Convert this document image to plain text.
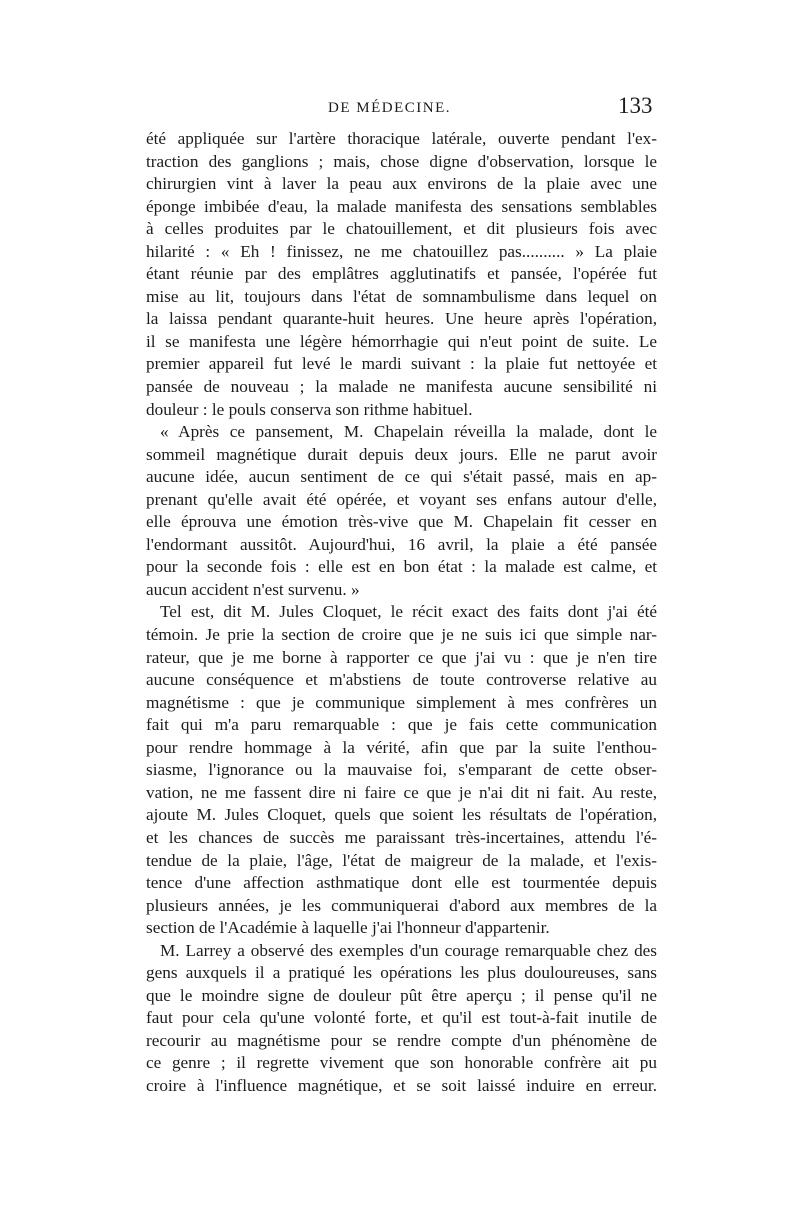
DE MÉDECINE.	133
été appliquée sur l'artère thoracique latérale, ouverte pendant l'ex-
traction des ganglions ; mais, chose digne d'observation, lorsque le
chirurgien vint à laver la peau aux environs de la plaie avec une
éponge imbibée d'eau, la malade manifesta des sensations semblables
à celles produites par le chatouillement, et dit plusieurs fois avec
hilarité : « Eh ! finissez, ne me chatouillez pas.......... » La plaie
étant réunie par des emplâtres agglutinatifs et pansée, l'opérée fut
mise au lit, toujours dans l'état de somnambulisme dans lequel on
la laissa pendant quarante-huit heures. Une heure après l'opération,
il se manifesta une légère hémorrhagie qui n'eut point de suite. Le
premier appareil fut levé le mardi suivant : la plaie fut nettoyée et
pansée de nouveau ; la malade ne manifesta aucune sensibilité ni
douleur : le pouls conserva son rithme habituel.
« Après ce pansement, M. Chapelain réveilla la malade, dont le
sommeil magnétique durait depuis deux jours. Elle ne parut avoir
aucune idée, aucun sentiment de ce qui s'était passé, mais en ap-
prenant qu'elle avait été opérée, et voyant ses enfans autour d'elle,
elle éprouva une émotion très-vive que M. Chapelain fit cesser en
l'endormant aussitôt. Aujourd'hui, 16 avril, la plaie a été pansée
pour la seconde fois : elle est en bon état : la malade est calme, et
aucun accident n'est survenu. »
Tel est, dit M. Jules Cloquet, le récit exact des faits dont j'ai été
témoin. Je prie la section de croire que je ne suis ici que simple nar-
rateur, que je me borne à rapporter ce que j'ai vu : que je n'en tire
aucune conséquence et m'abstiens de toute controverse relative au
magnétisme : que je communique simplement à mes confrères un
fait qui m'a paru remarquable : que je fais cette communication
pour rendre hommage à la vérité, afin que par la suite l'enthou-
siasme, l'ignorance ou la mauvaise foi, s'emparant de cette obser-
vation, ne me fassent dire ni faire ce que je n'ai dit ni fait. Au reste,
ajoute M. Jules Cloquet, quels que soient les résultats de l'opération,
et les chances de succès me paraissant très-incertaines, attendu l'é-
tendue de la plaie, l'âge, l'état de maigreur de la malade, et l'exis-
tence d'une affection asthmatique dont elle est tourmentée depuis
plusieurs années, je les communiquerai d'abord aux membres de la
section de l'Académie à laquelle j'ai l'honneur d'appartenir.
M. Larrey a observé des exemples d'un courage remarquable chez des
gens auxquels il a pratiqué les opérations les plus douloureuses, sans
que le moindre signe de douleur pût être aperçu ; il pense qu'il ne
faut pour cela qu'une volonté forte, et qu'il est tout-à-fait inutile de
recourir au magnétisme pour se rendre compte d'un phénomène de
ce genre ; il regrette vivement que son honorable confrère ait pu
croire à l'influence magnétique, et se soit laissé induire en erreur.
